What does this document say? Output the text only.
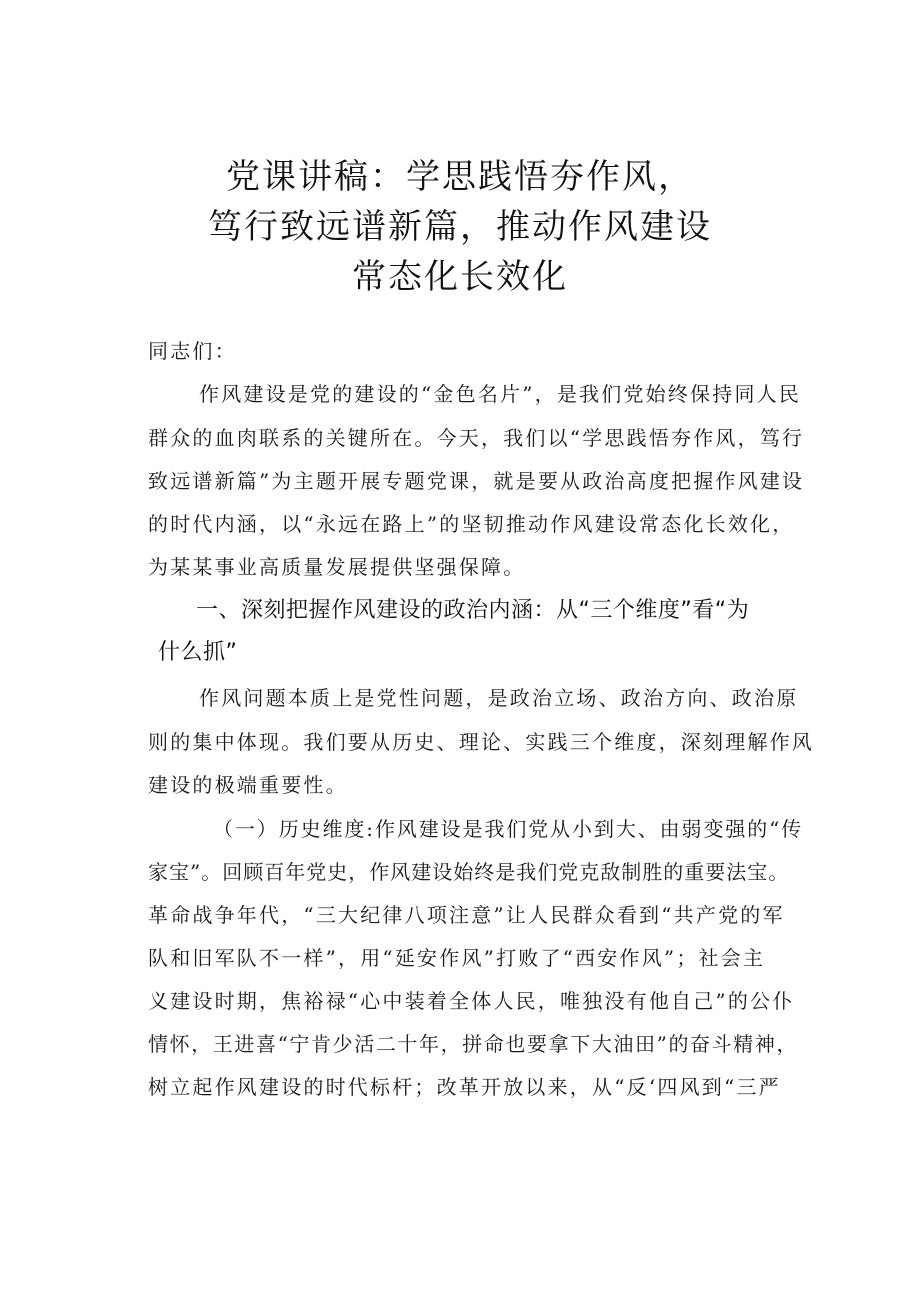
党课讲稿：学思践悟夯作风，
笃行致远谱新篇，推动作风建设
常态化长效化
同志们：
作风建设是党的建设的“金色名片”，是我们党始终保持同人民
群众的血肉联系的关键所在。今天，我们以“学思践悟夯作风，笃行
致远谱新篇”为主题开展专题党课，就是要从政治高度把握作风建设
的时代内涵，以“永远在路上”的坚韧推动作风建设常态化长效化，
为某某事业高质量发展提供坚强保障。
一、深刻把握作风建设的政治内涵：从“三个维度”看“为
什么抓”
作风问题本质上是党性问题，是政治立场、政治方向、政治原
则的集中体现。我们要从历史、理论、实践三个维度，深刻理解作风
建设的极端重要性。
（一）历史维度:作风建设是我们党从小到大、由弱变强的“传
家宝”。回顾百年党史，作风建设始终是我们党克敌制胜的重要法宝。
革命战争年代，“三大纪律八项注意”让人民群众看到“共产党的军
队和旧军队不一样”，用“延安作风”打败了“西安作风”；社会主
义建设时期，焦裕禄“心中装着全体人民，唯独没有他自己”的公仆
情怀，王进喜“宁肯少活二十年，拼命也要拿下大油田”的奋斗精神，
树立起作风建设的时代标杆；改革开放以来，从“反‘四风到“三严
